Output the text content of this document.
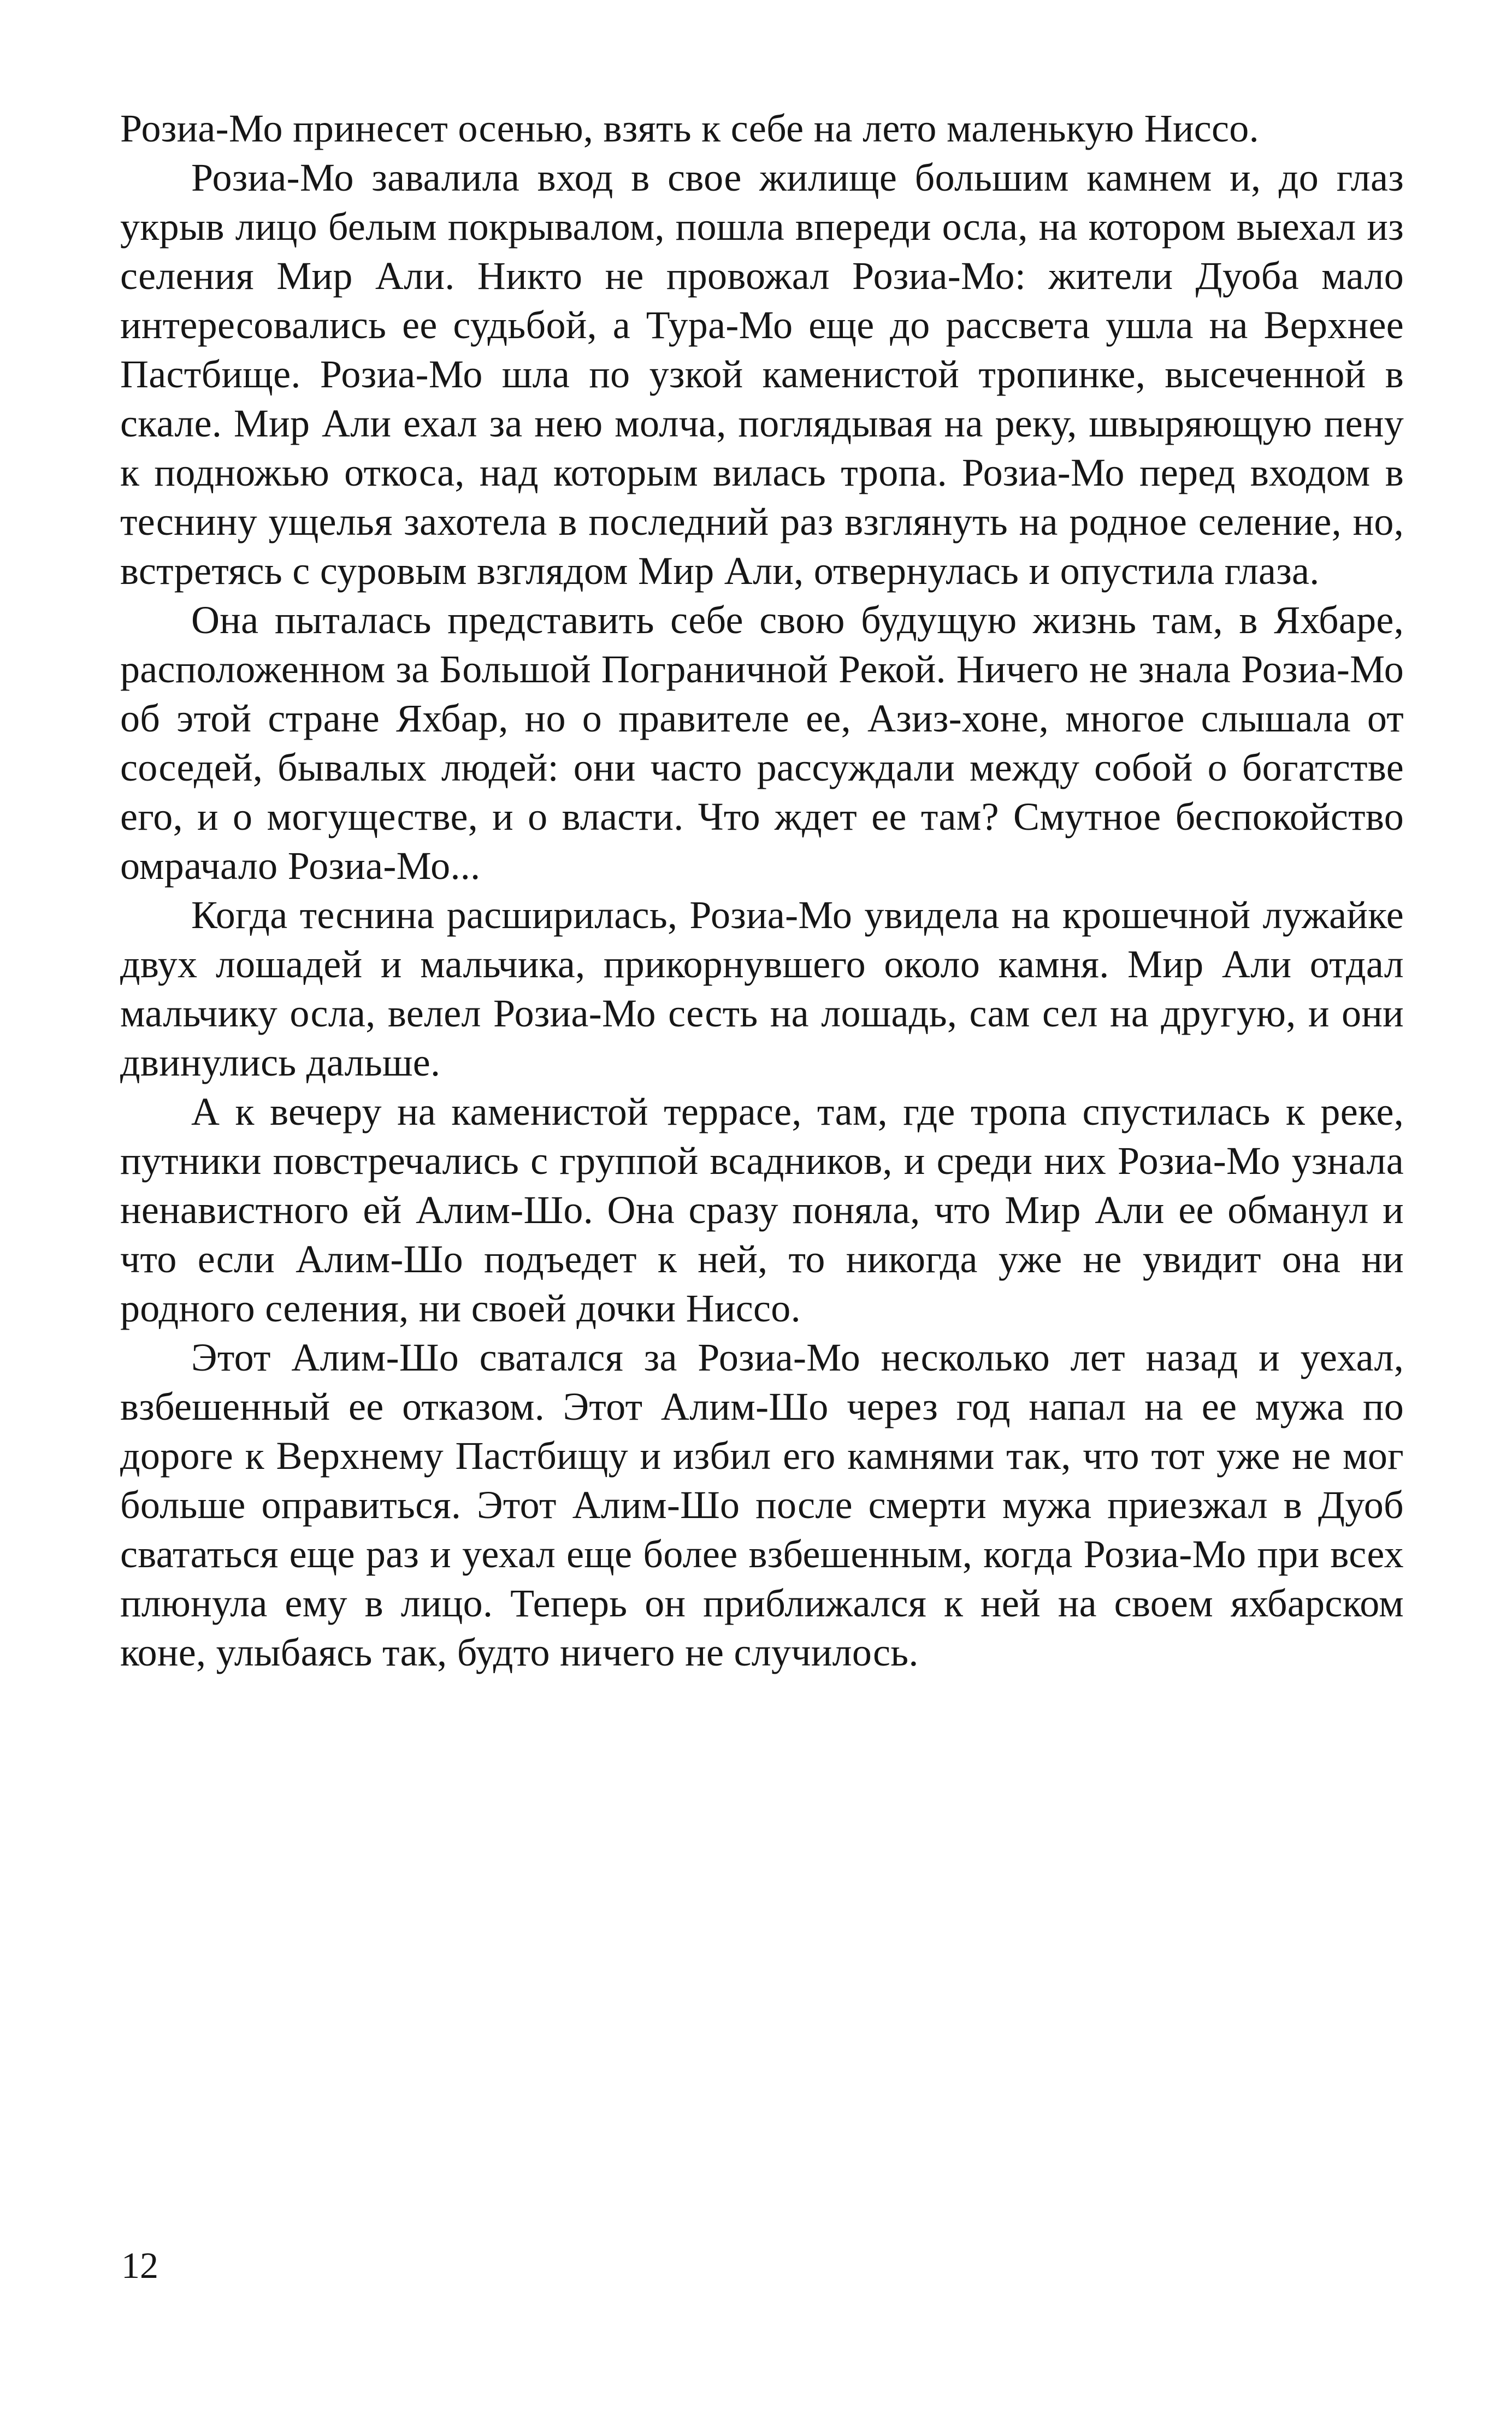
Розиа-Мо принесет осенью, взять к себе на лето маленькую Ниссо.

Розиа-Мо завалила вход в свое жилище большим камнем и, до глаз укрыв лицо белым покрывалом, пошла впереди осла, на котором выехал из селения Мир Али. Никто не провожал Розиа-Мо: жители Дуоба мало интересовались ее судьбой, а Тура-Мо еще до рассвета ушла на Верхнее Пастбище. Розиа-Мо шла по узкой каменистой тропинке, высеченной в скале. Мир Али ехал за нею молча, поглядывая на реку, швыряющую пену к подножью откоса, над которым вилась тропа. Розиа-Мо перед входом в теснину ущелья захотела в последний раз взглянуть на родное селение, но, встретясь с суровым взглядом Мир Али, отвернулась и опустила глаза.

Она пыталась представить себе свою будущую жизнь там, в Яхбаре, расположенном за Большой Пограничной Рекой. Ничего не знала Розиа-Мо об этой стране Яхбар, но о правителе ее, Азиз-хоне, многое слышала от соседей, бывалых людей: они часто рассуждали между собой о богатстве его, и о могуществе, и о власти. Что ждет ее там? Смутное беспокойство омрачало Розиа-Мо...

Когда теснина расширилась, Розиа-Мо увидела на крошечной лужайке двух лошадей и мальчика, прикорнувшего около камня. Мир Али отдал мальчику осла, велел Розиа-Мо сесть на лошадь, сам сел на другую, и они двинулись дальше.

А к вечеру на каменистой террасе, там, где тропа спустилась к реке, путники повстречались с группой всадников, и среди них Розиа-Мо узнала ненавистного ей Алим-Шо. Она сразу поняла, что Мир Али ее обманул и что если Алим-Шо подъедет к ней, то никогда уже не увидит она ни родного селения, ни своей дочки Ниссо.

Этот Алим-Шо сватался за Розиа-Мо несколько лет назад и уехал, взбешенный ее отказом. Этот Алим-Шо через год напал на ее мужа по дороге к Верхнему Пастбищу и избил его камнями так, что тот уже не мог больше оправиться. Этот Алим-Шо после смерти мужа приезжал в Дуоб свататься еще раз и уехал еще более взбешенным, когда Розиа-Мо при всех плюнула ему в лицо. Теперь он приближался к ней на своем яхбарском коне, улыбаясь так, будто ничего не случилось.

12
